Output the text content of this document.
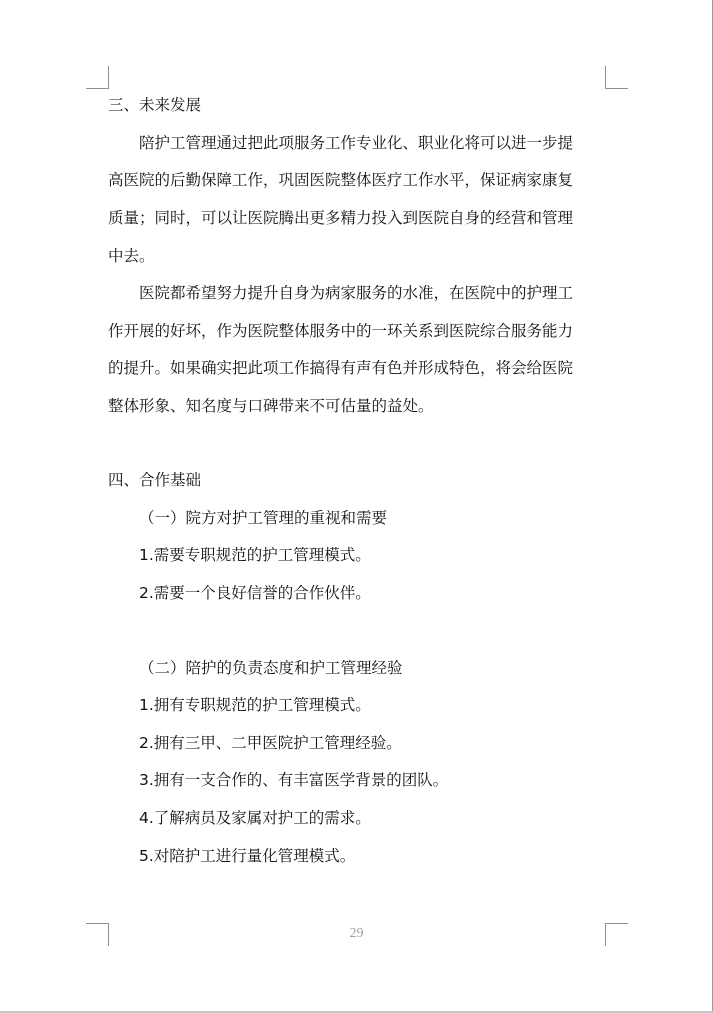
三、未来发展
陪护工管理通过把此项服务工作专业化、职业化将可以进一步提
高医院的后勤保障工作，巩固医院整体医疗工作水平，保证病家康复
质量；同时，可以让医院腾出更多精力投入到医院自身的经营和管理
中去。
医院都希望努力提升自身为病家服务的水准，在医院中的护理工
作开展的好坏，作为医院整体服务中的一环关系到医院综合服务能力
的提升。如果确实把此项工作搞得有声有色并形成特色，将会给医院
整体形象、知名度与口碑带来不可估量的益处。
四、合作基础
（一）院方对护工管理的重视和需要
1.需要专职规范的护工管理模式。
2.需要一个良好信誉的合作伙伴。
（二）陪护的负责态度和护工管理经验
1.拥有专职规范的护工管理模式。
2.拥有三甲、二甲医院护工管理经验。
3.拥有一支合作的、有丰富医学背景的团队。
4.了解病员及家属对护工的需求。
5.对陪护工进行量化管理模式。
29
